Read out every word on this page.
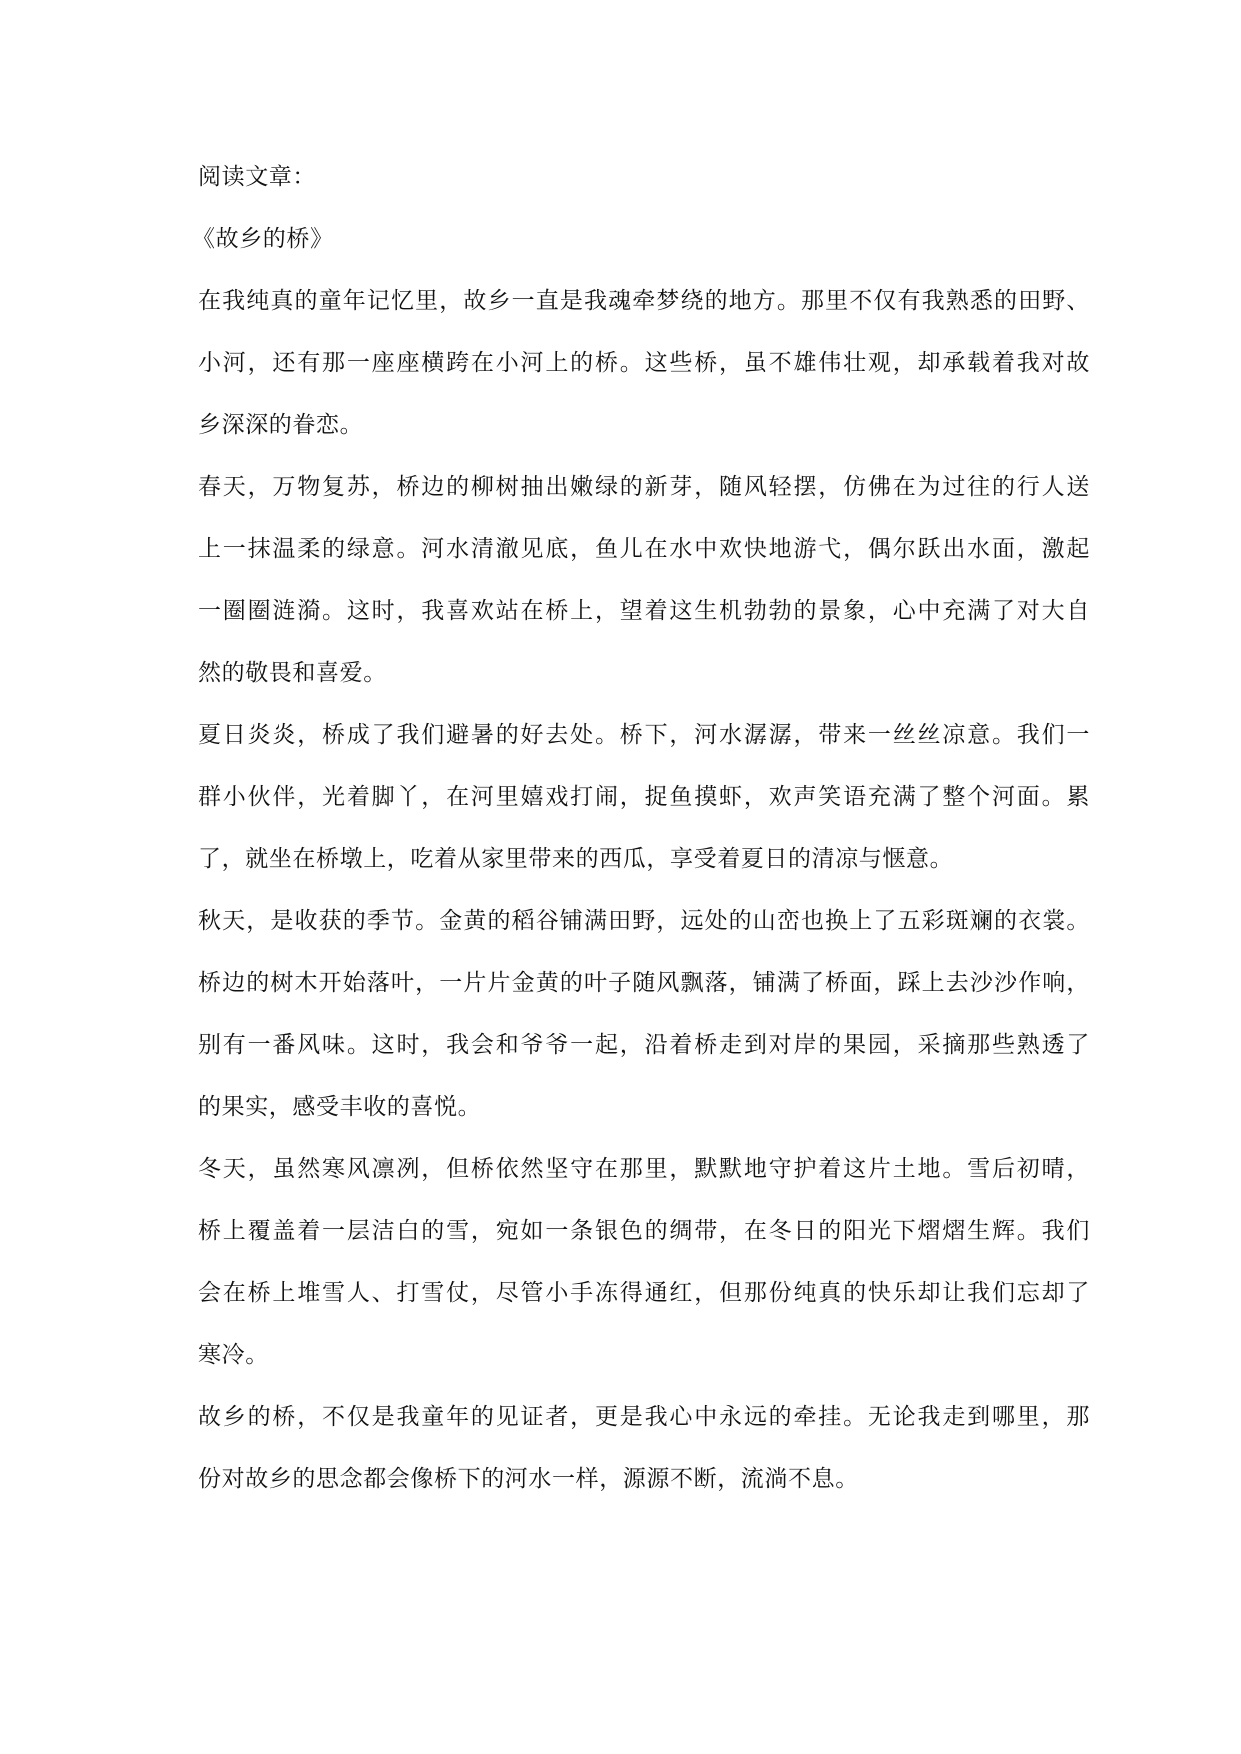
阅读文章：
《故乡的桥》
在我纯真的童年记忆里，故乡一直是我魂牵梦绕的地方。那里不仅有我熟悉的田野、
小河，还有那一座座横跨在小河上的桥。这些桥，虽不雄伟壮观，却承载着我对故
乡深深的眷恋。
春天，万物复苏，桥边的柳树抽出嫩绿的新芽，随风轻摆，仿佛在为过往的行人送
上一抹温柔的绿意。河水清澈见底，鱼儿在水中欢快地游弋，偶尔跃出水面，激起
一圈圈涟漪。这时，我喜欢站在桥上，望着这生机勃勃的景象，心中充满了对大自
然的敬畏和喜爱。
夏日炎炎，桥成了我们避暑的好去处。桥下，河水潺潺，带来一丝丝凉意。我们一
群小伙伴，光着脚丫，在河里嬉戏打闹，捉鱼摸虾，欢声笑语充满了整个河面。累
了，就坐在桥墩上，吃着从家里带来的西瓜，享受着夏日的清凉与惬意。
秋天，是收获的季节。金黄的稻谷铺满田野，远处的山峦也换上了五彩斑斓的衣裳。
桥边的树木开始落叶，一片片金黄的叶子随风飘落，铺满了桥面，踩上去沙沙作响，
别有一番风味。这时，我会和爷爷一起，沿着桥走到对岸的果园，采摘那些熟透了
的果实，感受丰收的喜悦。
冬天，虽然寒风凛冽，但桥依然坚守在那里，默默地守护着这片土地。雪后初晴，
桥上覆盖着一层洁白的雪，宛如一条银色的绸带，在冬日的阳光下熠熠生辉。我们
会在桥上堆雪人、打雪仗，尽管小手冻得通红，但那份纯真的快乐却让我们忘却了
寒冷。
故乡的桥，不仅是我童年的见证者，更是我心中永远的牵挂。无论我走到哪里，那
份对故乡的思念都会像桥下的河水一样，源源不断，流淌不息。
